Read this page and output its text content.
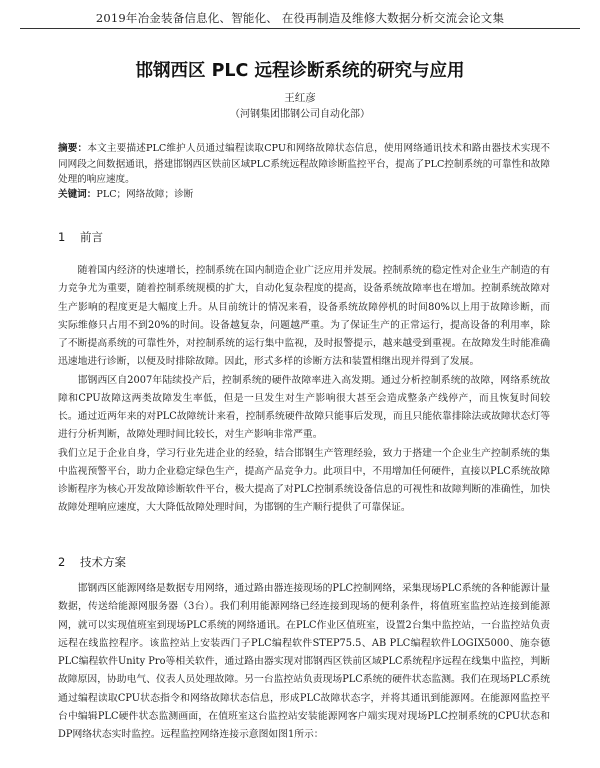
2019年冶金装备信息化、智能化、 在役再制造及维修大数据分析交流会论文集
邯钢西区 PLC 远程诊断系统的研究与应用
王红彦
（河钢集团邯钢公司自动化部）
摘要：本文主要描述PLC维护人员通过编程读取CPU和网络故障状态信息，使用网络通讯技术和路由器技术实现不同网段之间数据通讯，搭建邯钢西区铁前区域PLC系统远程故障诊断监控平台，提高了PLC控制系统的可靠性和故障处理的响应速度。
关键词：PLC；网络故障；诊断
1 前言

随着国内经济的快速增长，控制系统在国内制造企业广泛应用并发展。控制系统的稳定性对企业生产制造的有力竞争尤为重要，随着控制系统规模的扩大，自动化复杂程度的提高，设备系统故障率也在增加。控制系统故障对生产影响的程度更是大幅度上升。从目前统计的情况来看，设备系统故障停机的时间80%以上用于故障诊断，而实际维修只占用不到20%的时间。设备越复杂，问题越严重。为了保证生产的正常运行，提高设备的利用率，除了不断提高系统的可靠性外，对控制系统的运行集中监视，及时报警提示，越来越受到重视。在故障发生时能准确迅速地进行诊断，以便及时排除故障。因此，形式多样的诊断方法和装置相继出现并得到了发展。

邯钢西区自2007年陆续投产后，控制系统的硬件故障率进入高发期。通过分析控制系统的故障，网络系统故障和CPU故障这两类故障发生率低，但是一旦发生对生产影响很大甚至会造成整条产线停产，而且恢复时间较长。通过近两年来的对PLC故障统计来看，控制系统硬件故障只能事后发现，而且只能依靠排除法或故障状态灯等进行分析判断，故障处理时间比较长，对生产影响非常严重。

我们立足于企业自身，学习行业先进企业的经验，结合邯钢生产管理经验，致力于搭建一个企业生产控制系统的集中监视预警平台，助力企业稳定绿色生产，提高产品竞争力。此项目中，不用增加任何硬件，直接以PLC系统故障诊断程序为核心开发故障诊断软件平台，极大提高了对PLC控制系统设备信息的可视性和故障判断的准确性，加快故障处理响应速度，大大降低故障处理时间，为邯钢的生产顺行提供了可靠保证。

2 技术方案

邯钢西区能源网络是数据专用网络，通过路由器连接现场的PLC控制网络，采集现场PLC系统的各种能源计量数据，传送给能源网服务器（3台）。我们利用能源网络已经连接到现场的便利条件，将值班室监控站连接到能源网，就可以实现值班室到现场PLC系统的网络通讯。在PLC作业区值班室，设置2台集中监控站，一台监控站负责远程在线监控程序。该监控站上安装西门子PLC编程软件STEP75.5、AB PLC编程软件LOGIX5000、施奈德PLC编程软件Unity Pro等相关软件，通过路由器实现对邯钢西区铁前区域PLC系统程序远程在线集中监控，判断故障原因，协助电气、仪表人员处理故障。另一台监控站负责现场PLC系统的硬件状态监测。我们在现场PLC系统通过编程读取CPU状态指令和网络故障状态信息，形成PLC故障状态字，并将其通讯到能源网。在能源网监控平台中编辑PLC硬件状态监测画面，在值班室这台监控站安装能源网客户端实现对现场PLC控制系统的CPU状态和DP网络状态实时监控。远程监控网络连接示意图如图1所示：
